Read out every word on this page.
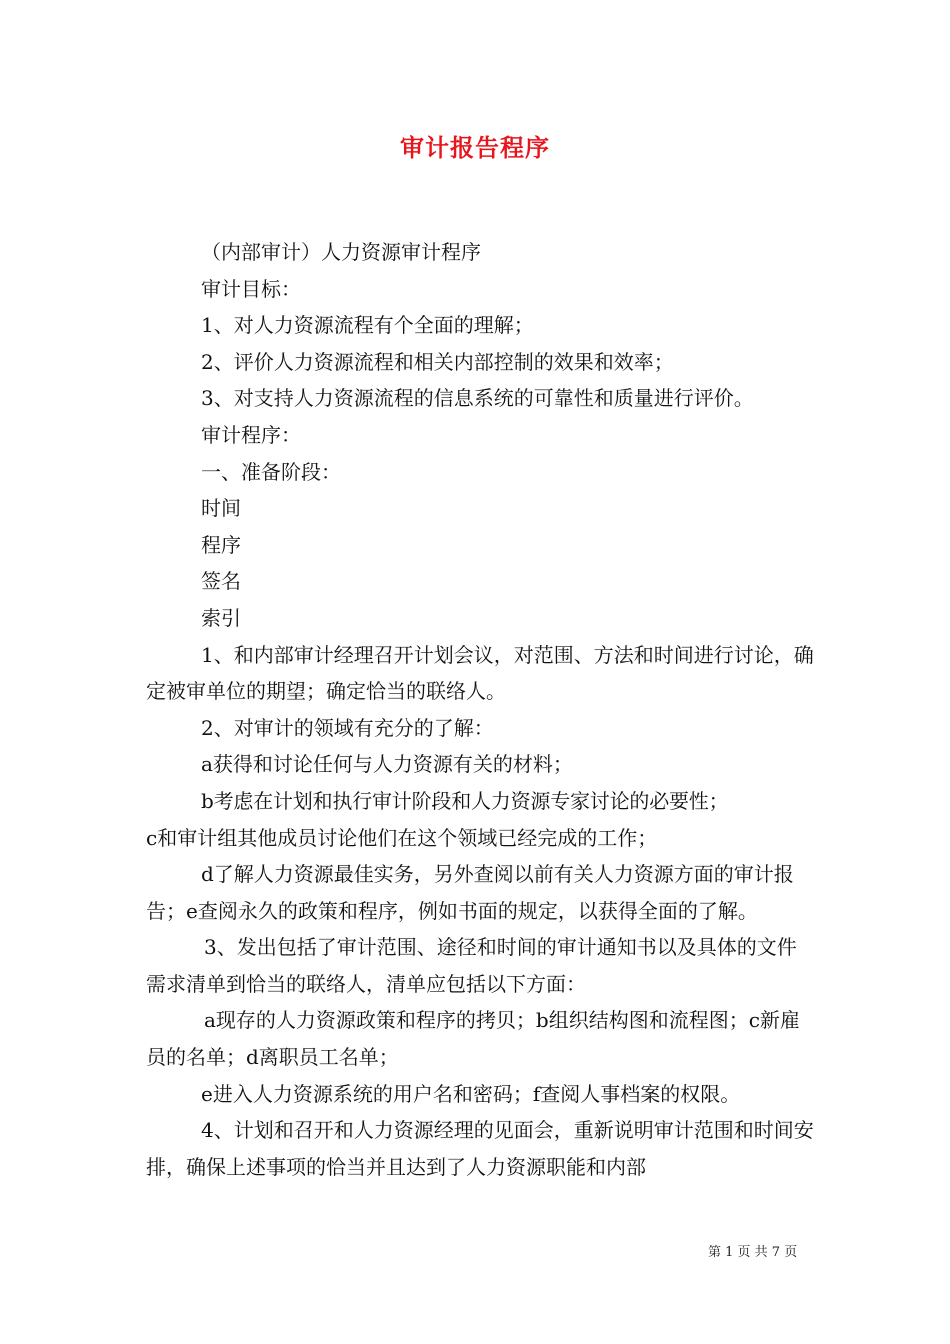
审计报告程序

（内部审计）人力资源审计程序

审计目标：

1、对人力资源流程有个全面的理解；

2、评价人力资源流程和相关内部控制的效果和效率；

3、对支持人力资源流程的信息系统的可靠性和质量进行评价。

审计程序：

一、准备阶段：

时间

程序

签名

索引

1、和内部审计经理召开计划会议，对范围、方法和时间进行讨论，确定被审单位的期望；确定恰当的联络人。

2、对审计的领域有充分的了解：

a获得和讨论任何与人力资源有关的材料；

b考虑在计划和执行审计阶段和人力资源专家讨论的必要性；

c和审计组其他成员讨论他们在这个领域已经完成的工作；

d了解人力资源最佳实务，另外查阅以前有关人力资源方面的审计报告；e查阅永久的政策和程序，例如书面的规定，以获得全面的了解。

3、发出包括了审计范围、途径和时间的审计通知书以及具体的文件需求清单到恰当的联络人，清单应包括以下方面：

a现存的人力资源政策和程序的拷贝；b组织结构图和流程图；c新雇员的名单；d离职员工名单；

e进入人力资源系统的用户名和密码；f查阅人事档案的权限。

4、计划和召开和人力资源经理的见面会，重新说明审计范围和时间安排，确保上述事项的恰当并且达到了人力资源职能和内部

第 1 页 共 7 页
